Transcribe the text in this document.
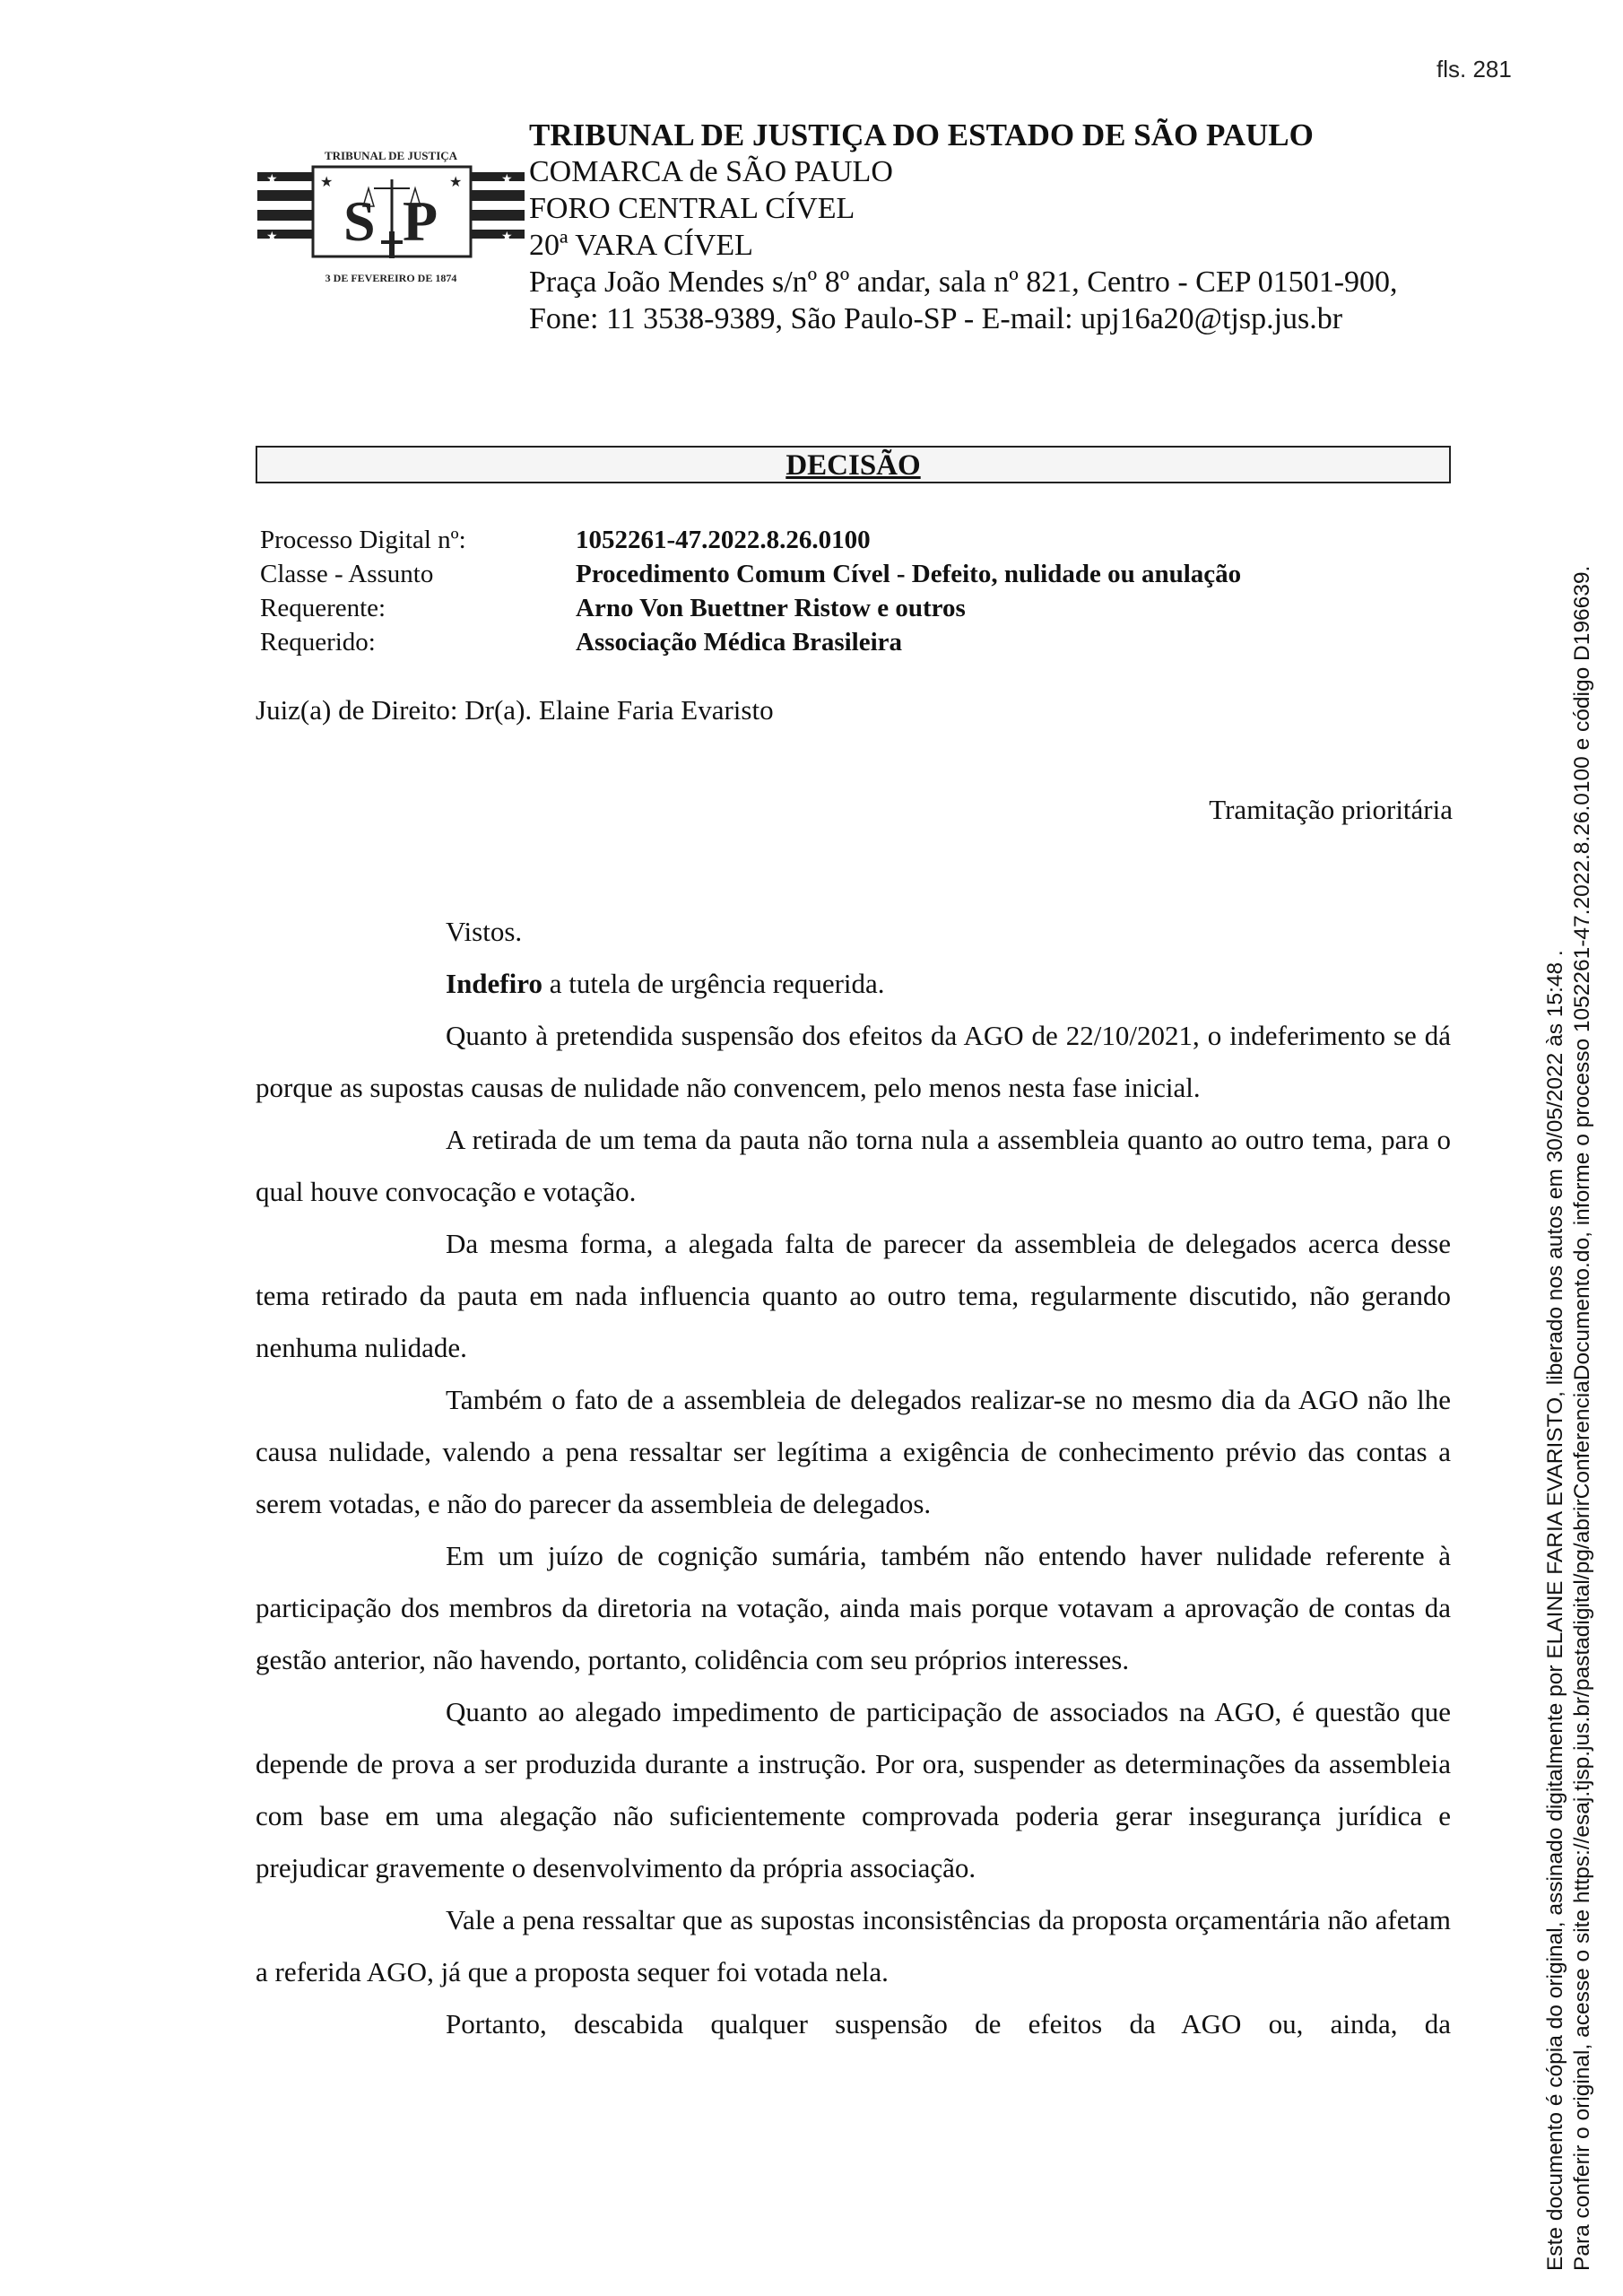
fls. 281
TRIBUNAL DE JUSTIÇA
★	★
★	★
★	★
S P
3 DE FEVEREIRO DE 1874
TRIBUNAL DE JUSTIÇA DO ESTADO DE SÃO PAULO
COMARCA de SÃO PAULO
FORO CENTRAL CÍVEL
20ª VARA CÍVEL
Praça João Mendes s/nº 8º andar, sala nº 821, Centro - CEP 01501-900,
Fone: 11 3538-9389, São Paulo-SP - E-mail: upj16a20@tjsp.jus.br
DECISÃO
Processo Digital nº:	1052261-47.2022.8.26.0100
Classe - Assunto	Procedimento Comum Cível - Defeito, nulidade ou anulação
Requerente:	Arno Von Buettner Ristow e outros
Requerido:	Associação Médica Brasileira
Juiz(a) de Direito: Dr(a). Elaine Faria Evaristo
Tramitação prioritária

Vistos.

Indefiro a tutela de urgência requerida.

Quanto à pretendida suspensão dos efeitos da AGO de 22/10/2021, o indeferimento se dá porque as supostas causas de nulidade não convencem, pelo menos nesta fase inicial.

A retirada de um tema da pauta não torna nula a assembleia quanto ao outro tema, para o qual houve convocação e votação.

Da mesma forma, a alegada falta de parecer da assembleia de delegados acerca desse tema retirado da pauta em nada influencia quanto ao outro tema, regularmente discutido, não gerando nenhuma nulidade.

Também o fato de a assembleia de delegados realizar-se no mesmo dia da AGO não lhe causa nulidade, valendo a pena ressaltar ser legítima a exigência de conhecimento prévio das contas a serem votadas, e não do parecer da assembleia de delegados.

Em um juízo de cognição sumária, também não entendo haver nulidade referente à participação dos membros da diretoria na votação, ainda mais porque votavam a aprovação de contas da gestão anterior, não havendo, portanto, colidência com seu próprios interesses.

Quanto ao alegado impedimento de participação de associados na AGO, é questão que depende de prova a ser produzida durante a instrução. Por ora, suspender as determinações da assembleia com base em uma alegação não suficientemente comprovada poderia gerar insegurança jurídica e prejudicar gravemente o desenvolvimento da própria associação.

Vale a pena ressaltar que as supostas inconsistências da proposta orçamentária não afetam a referida AGO, já que a proposta sequer foi votada nela.

Portanto, descabida qualquer suspensão de efeitos da AGO ou, ainda, da	Este documento é cópia do original, assinado digitalmente por ELAINE FARIA EVARISTO, liberado nos autos em 30/05/2022 às 15:48 . Para conferir o original, acesse o site https://esaj.tjsp.jus.br/pastadigital/pg/abrirConferenciaDocumento.do, informe o processo 1052261-47.2022.8.26.0100 e código D196639.
